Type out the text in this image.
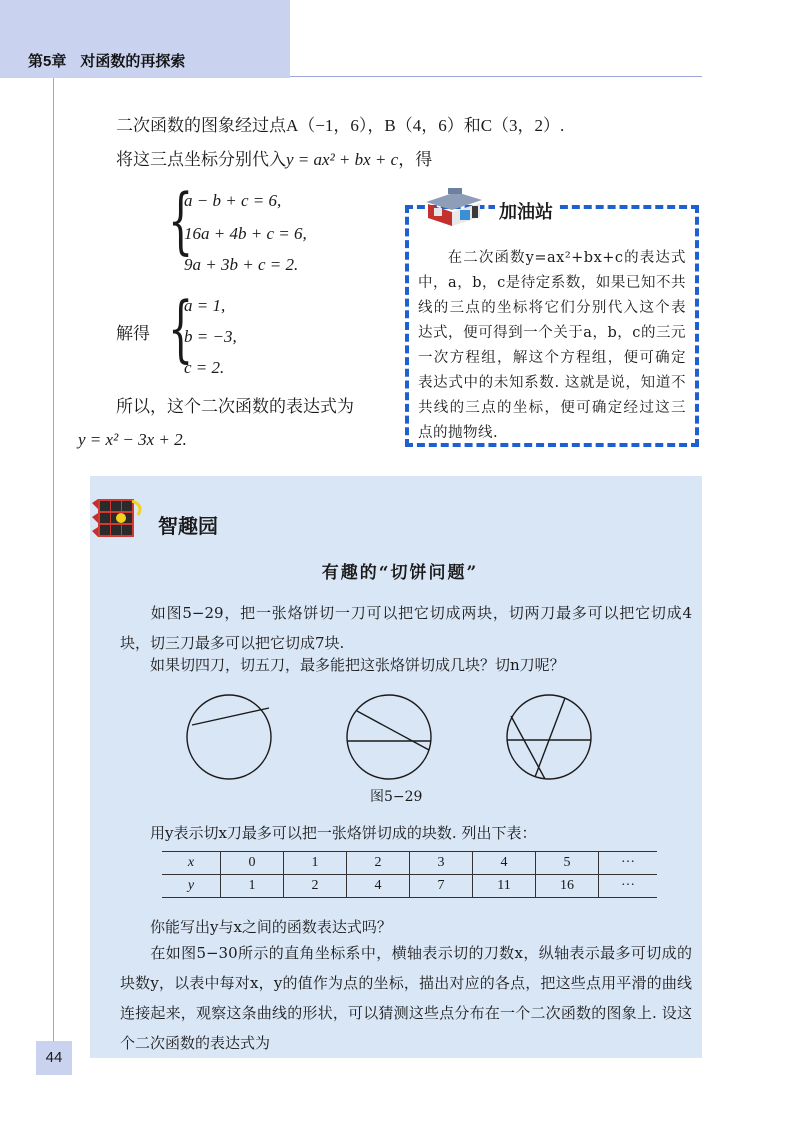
第5章 对函数的再探索
二次函数的图象经过点A（−1，6），B（4，6）和C（3，2）.
将这三点坐标分别代入y = ax² + bx + c，得
{
a − b + c = 6,
16a + 4b + c = 6,
9a + 3b + c = 2.
解得 {
a = 1,
b = −3,
c = 2.
所以，这个二次函数的表达式为
y = x² − 3x + 2.
加油站
在二次函数y=ax²+bx+c的表达式中，a，b，c是待定系数，如果已知不共线的三点的坐标将它们分别代入这个表达式，便可得到一个关于a，b，c的三元一次方程组，解这个方程组，便可确定表达式中的未知系数. 这就是说，知道不共线的三点的坐标，便可确定经过这三点的抛物线.
智趣园
有趣的“切饼问题”
如图5−29，把一张烙饼切一刀可以把它切成两块，切两刀最多可以把它切成4块，切三刀最多可以把它切成7块.
如果切四刀，切五刀，最多能把这张烙饼切成几块？切n刀呢？
图5−29
用y表示切x刀最多可以把一张烙饼切成的块数. 列出下表：
x	0	1	2	3	4	5	···
y	1	2	4	7	11	16	···
你能写出y与x之间的函数表达式吗？
在如图5−30所示的直角坐标系中，横轴表示切的刀数x，纵轴表示最多可切成的块数y，以表中每对x，y的值作为点的坐标，描出对应的各点，把这些点用平滑的曲线连接起来，观察这条曲线的形状，可以猜测这些点分布在一个二次函数的图象上. 设这个二次函数的表达式为
44
